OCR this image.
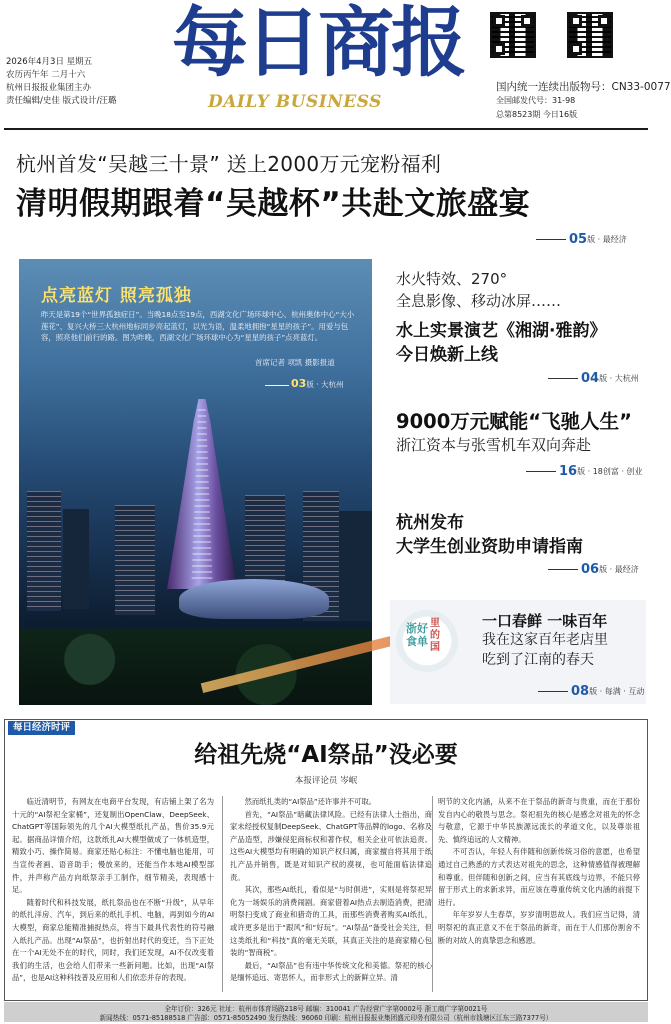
2026年4月3日 星期五
农历丙午年 二月十六
杭州日报报业集团主办
责任编辑/史佳 版式设计/汪璐
每日商报
DAILY BUSINESS
国内统一连续出版物号：CN33-0077
全国邮发代号：31-98
总第8523期 今日16版
杭州首发“吴越三十景” 送上2000万元宠粉福利
清明假期跟着“吴越杯”共赴文旅盛宴
05版 · 最经济
点亮蓝灯 照亮孤独
昨天是第19个“世界孤独症日”。当晚18点至19点，西湖文化广场环球中心、杭州奥体中心“大小莲花”、复兴大桥三大杭州地标同步亮起蓝灯，以光为语，温柔地拥抱“星星的孩子”。用爱与包容，照亮他们前行的路。图为昨晚，西湖文化广场环球中心为“星星的孩子”点亮蓝灯。
首席记者 项凯 摄影报道
03版 · 大杭州
水火特效、270°
全息影像、移动冰屏……
水上实景演艺《湘湖·雅韵》
今日焕新上线
04版 · 大杭州
9000万元赋能“飞驰人生”
浙江资本与张雪机车双向奔赴
16版 · 18创富 · 创业
杭州发布
大学生创业资助申请指南
06版 · 最经济
浙好食单
里的国
一口春鲜 一味百年
我在这家百年老店里
吃到了江南的春天
08版 · 每满 · 互动
每日经济时评
给祖先烧“AI祭品”没必要
本报评论员 岑岷

临近清明节，有网友在电商平台发现，有店铺上架了名为十元的“AI祭祀全家桶”，还复制出OpenClaw、DeepSeek、ChatGPT等国际领先的几个AI大模型纸扎产品，售价35.9元起。据商品详情介绍，这款纸扎AI大模型做成了一体机造型，精致小巧、操作简易。商家还贴心标注：不懂电脑也能用，可当宣传者画、语音助手；慢放来的，还能当作本地AI模型部件，并声称产品方向纸祭亲手工制作，细节精美，表现感十足。

随着时代和科技发展，纸扎祭品也在不断“升级”，从早年的纸扎洋房、汽车，到后来的纸扎手机、电脑，再到如今的AI大模型，商家总能精准捕捉热点，将当下最具代表性的符号融入纸扎产品。出现“AI祭品”，也折射出时代的变迁，当下正处在一个AI无处不在的时代，同时，我们还发现，AI不仅改变着我们的生活，也会给人们带来一些新问题。比如，出现“AI祭品”，也是AI这种科技普及应用和人们依恋并存的表现。

然而纸扎类的“AI祭品”还许事并不可取。

首先，“AI祭品”暗藏法律风险。已经有法律人士指出，商家未经授权复制DeepSeek、ChatGPT等品牌的logo、名称及产品造型，涉嫌侵犯商标权和著作权，相关企业可依法追责。这些AI大模型均有明确的知识产权归属，商家擅自将其用于纸扎产品并销售，既是对知识产权的漠视，也可能面临法律追责。

其次，那些AI纸扎，看似是“与时俱进”，实则是将祭祀异化为一场娱乐的消费闹剧。商家借着AI热点去制造消费，把清明祭扫变成了商业和猎奇的工具，而那些消费者购买AI纸扎，或许更多是出于“跟风”和“好玩”。“AI祭品”备受社会关注，但这类纸扎和“科技”真的毫无关联，其真正关注的是商家精心包装的“智商税”。

最后，“AI祭品”也有违中华传统文化和美德。祭祀的核心是缅怀追远、寄思怀人，而非形式上的新鲜立异。清

明节的文化内涵，从来不在于祭品的新奇与贵重，而在于那份发自内心的敬畏与思念。祭祀祖先的核心是感念对祖先的怀念与敬意，它源于中华民族源远流长的孝道文化，以及尊崇祖先、慎终追远的人文精神。

不可否认，年轻人有伴随和创新传统习俗的意愿，也希望通过自己熟悉的方式表达对祖先的思念，这种情感值得被理解和尊重。但伴随和创新之间，应当有其底线与边界，不能只停留于形式上的求新求异，而应该在尊重传统文化内涵的前提下进行。

年年岁岁人生春草，岁岁清明思故人。我们应当记得，清明祭祀的真正意义不在于祭品的新奇，而在于人们那份割舍不断的对故人的真挚思念和感恩。

全年订价：326元 社址：杭州市体育场路218号 邮编：310041 广告经营广字第0002号 浙工商广字第0021号
新闻热线：0571-85188518 广告部：0571-85052490 发行热线：96060 印刷：杭州日报报业集团盛元印务有限公司（杭州市钱塘区江东三路7377号）
